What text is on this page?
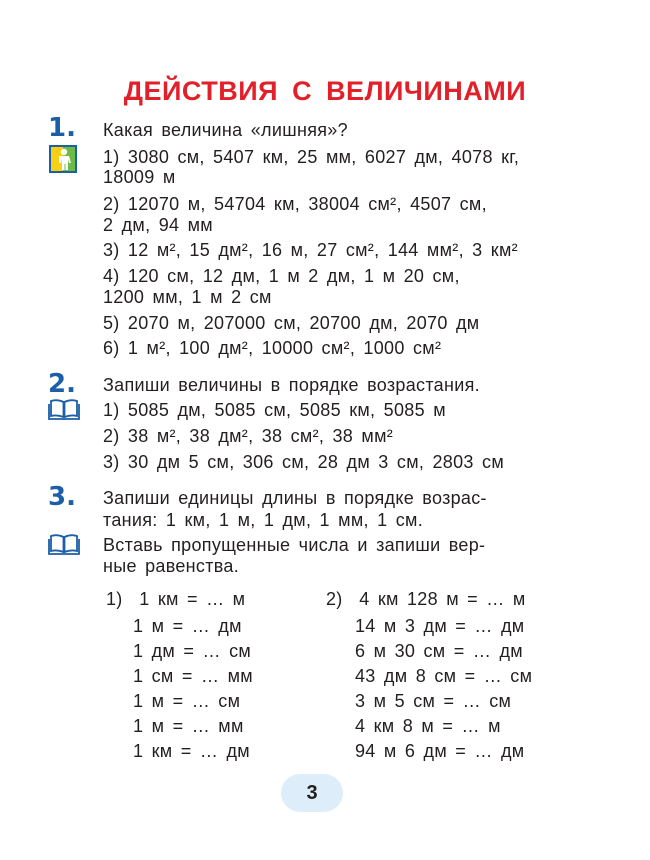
ДЕЙСТВИЯ С ВЕЛИЧИНАМИ
1. Какая величина «лишняя»?
1) 3080 см, 5407 км, 25 мм, 6027 дм, 4078 кг,
18009 м
2) 12070 м, 54704 км, 38004 см², 4507 см,
2 дм, 94 мм
3) 12 м², 15 дм², 16 м, 27 см², 144 мм², 3 км²
4) 120 см, 12 дм, 1 м 2 дм, 1 м 20 см,
1200 мм, 1 м 2 см
5) 2070 м, 207000 см, 20700 дм, 2070 дм
6) 1 м², 100 дм², 10000 см², 1000 см²
2. Запиши величины в порядке возрастания.
1) 5085 дм, 5085 см, 5085 км, 5085 м
2) 38 м², 38 дм², 38 см², 38 мм²
3) 30 дм 5 см, 306 см, 28 дм 3 см, 2803 см
3. Запиши единицы длины в порядке возрас-
тания: 1 км, 1 м, 1 дм, 1 мм, 1 см.
Вставь пропущенные числа и запиши вер-
ные равенства.
1)  1 км = … м
1 м = … дм
1 дм = … см
1 см = … мм
1 м = … см
1 м = … мм
1 км = … дм
2)  4 км 128 м = … м
14 м 3 дм = … дм
6 м 30 см = … дм
43 дм 8 см = … см
3 м 5 см = … см
4 км 8 м = … м
94 м 6 дм = … дм
3
